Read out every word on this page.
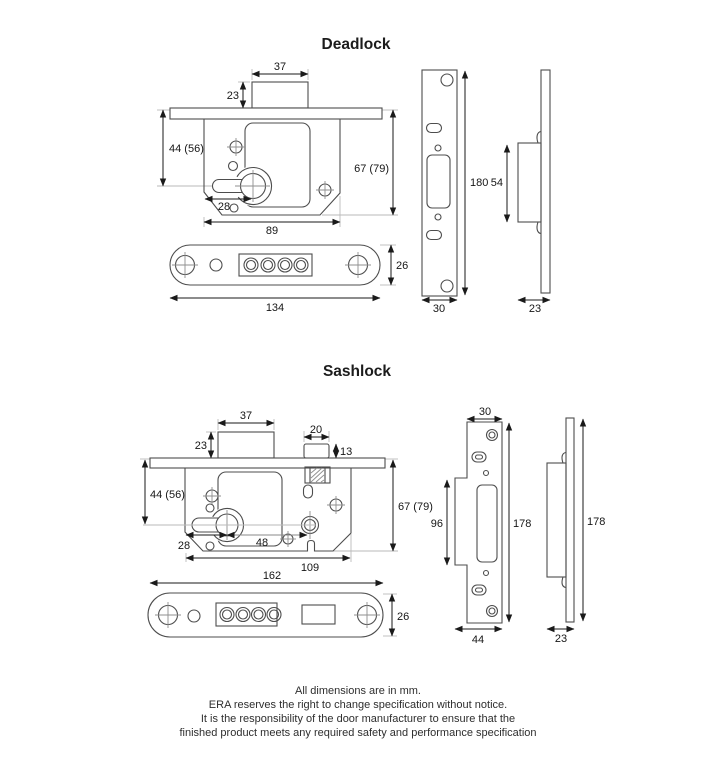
Deadlock
37
23
44 (56)
67 (79)
28
89
26
134
180
30
54
23
Sashlock
37
23
20
13
44 (56)
67 (79)
28	48
109
162
26
30
96	178
44
178
23
All dimensions are in mm.
ERA reserves the right to change specification without notice.
It is the responsibility of the door manufacturer to ensure that the
finished product meets any required safety and performance specification
